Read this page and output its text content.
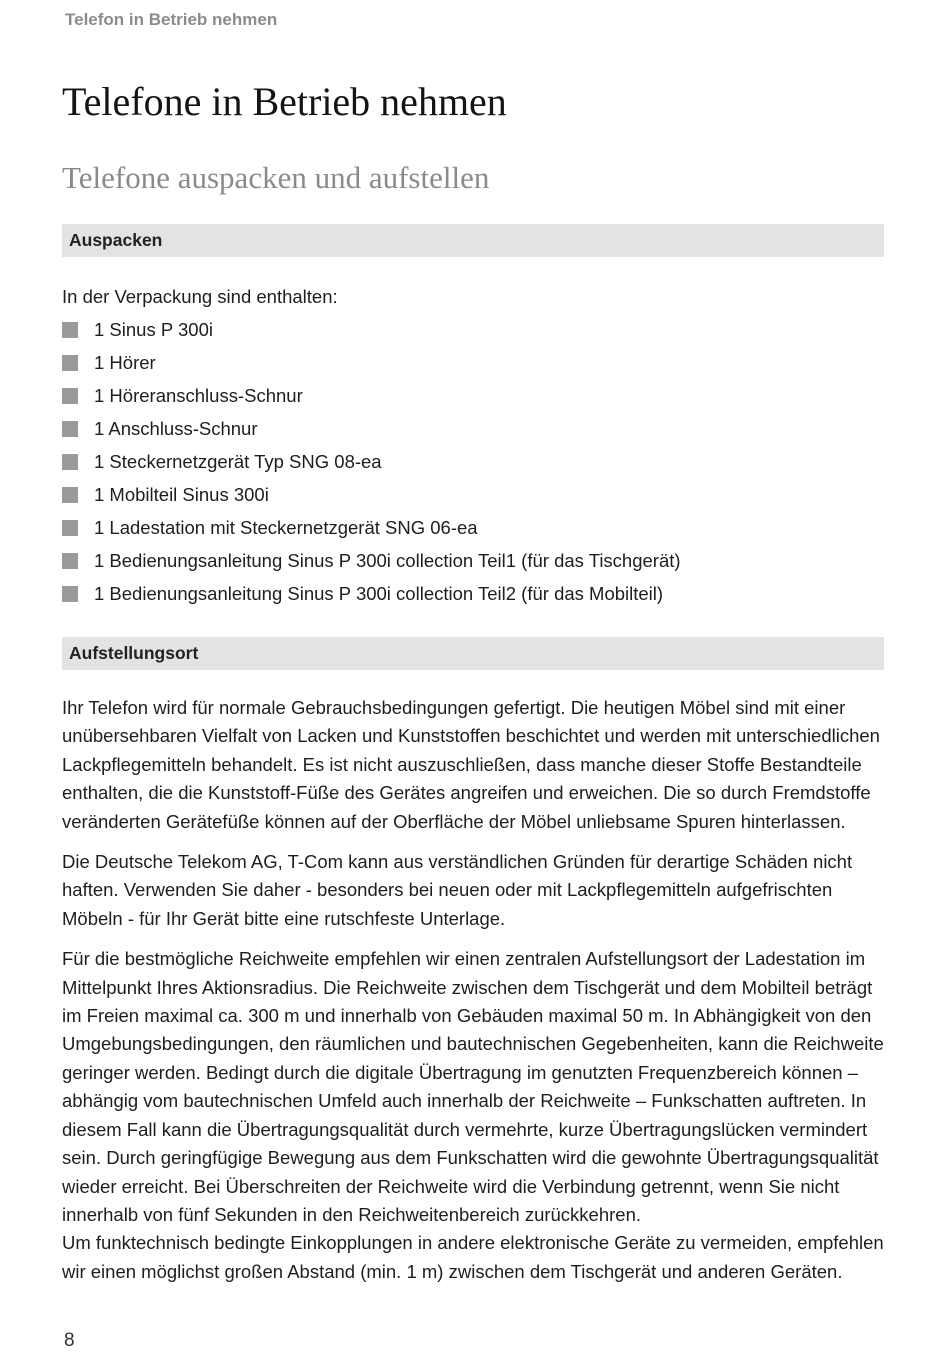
Telefon in Betrieb nehmen
Telefone in Betrieb nehmen
Telefone auspacken und aufstellen
Auspacken
In der Verpackung sind enthalten:
1 Sinus P 300i
1 Hörer
1 Höreranschluss-Schnur
1 Anschluss-Schnur
1 Steckernetzgerät Typ SNG 08-ea
1 Mobilteil Sinus 300i
1 Ladestation mit Steckernetzgerät SNG 06-ea
1 Bedienungsanleitung Sinus P 300i collection Teil1 (für das Tischgerät)
1 Bedienungsanleitung Sinus P 300i collection Teil2 (für das Mobilteil)
Aufstellungsort

Ihr Telefon wird für normale Gebrauchsbedingungen gefertigt. Die heutigen Möbel sind mit einer unübersehbaren Vielfalt von Lacken und Kunststoffen beschichtet und werden mit unterschiedlichen Lackpflegemitteln behandelt. Es ist nicht auszuschließen, dass manche dieser Stoffe Bestandteile enthalten, die die Kunststoff-Füße des Gerätes angreifen und erweichen. Die so durch Fremdstoffe veränderten Gerätefüße können auf der Oberfläche der Möbel unliebsame Spuren hinterlassen.

Die Deutsche Telekom AG, T-Com kann aus verständlichen Gründen für derartige Schäden nicht haften. Verwenden Sie daher - besonders bei neuen oder mit Lackpflegemitteln aufgefrischten Möbeln - für Ihr Gerät bitte eine rutschfeste Unterlage.

Für die bestmögliche Reichweite empfehlen wir einen zentralen Aufstellungsort der Ladestation im Mittelpunkt Ihres Aktionsradius. Die Reichweite zwischen dem Tischgerät und dem Mobilteil beträgt im Freien maximal ca. 300 m und innerhalb von Gebäuden maximal 50 m. In Abhängigkeit von den Umgebungsbedingungen, den räumlichen und bautechnischen Gegebenheiten, kann die Reichweite geringer werden. Bedingt durch die digitale Übertragung im genutzten Frequenzbereich können – abhängig vom bautechnischen Umfeld auch innerhalb der Reichweite – Funkschatten auftreten. In diesem Fall kann die Übertragungsqualität durch vermehrte, kurze Übertragungslücken vermindert sein. Durch geringfügige Bewegung aus dem Funkschatten wird die gewohnte Übertragungsqualität wieder erreicht. Bei Überschreiten der Reichweite wird die Verbindung getrennt, wenn Sie nicht innerhalb von fünf Sekunden in den Reichweitenbereich zurückkehren.

Um funktechnisch bedingte Einkopplungen in andere elektronische Geräte zu vermeiden, empfehlen wir einen möglichst großen Abstand (min. 1 m) zwischen dem Tischgerät und anderen Geräten.

8
